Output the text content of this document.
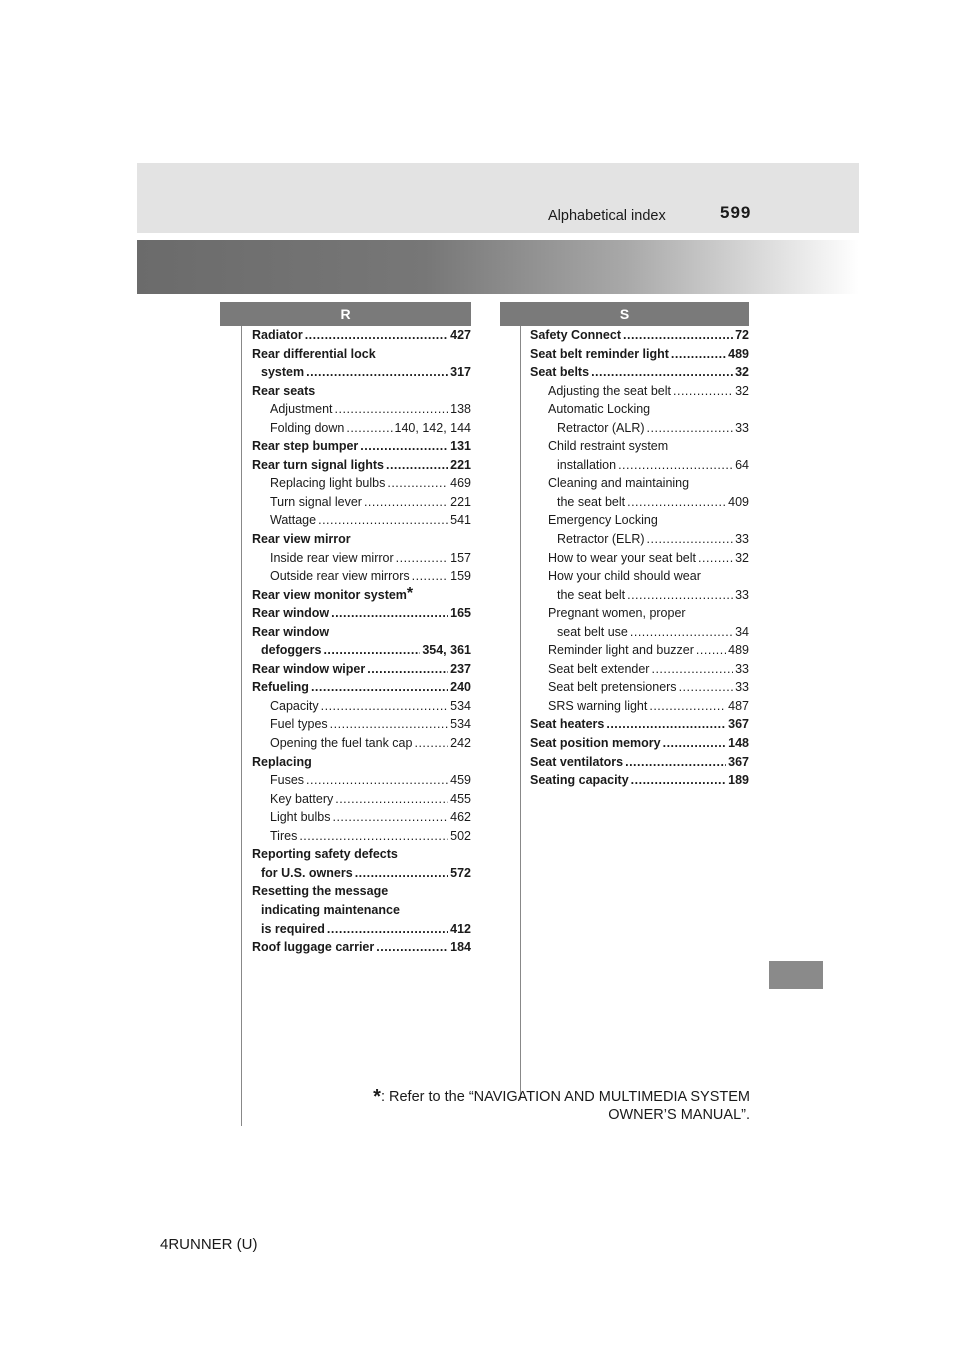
Alphabetical index	599
R	S
Radiator .....	427
Rear differential lock
system .....	317
Rear seats
Adjustment .....	138
Folding down .....	140, 142, 144
Rear step bumper .....	131
Rear turn signal lights .....	221
Replacing light bulbs .....	469
Turn signal lever .....	221
Wattage .....	541
Rear view mirror
Inside rear view mirror .....	157
Outside rear view mirrors .....	159
Rear view monitor system*
Rear window .....	165
Rear window
defoggers .....	354, 361
Rear window wiper .....	237
Refueling .....	240
Capacity .....	534
Fuel types .....	534
Opening the fuel tank cap .....	242
Replacing
Fuses .....	459
Key battery .....	455
Light bulbs .....	462
Tires .....	502
Reporting safety defects
for U.S. owners .....	572
Resetting the message
indicating maintenance
is required .....	412
Roof luggage carrier .....	184
Safety Connect .....	72
Seat belt reminder light .....	489
Seat belts .....	32
Adjusting the seat belt .....	32
Automatic Locking
Retractor (ALR) .....	33
Child restraint system
installation .....	64
Cleaning and maintaining
the seat belt .....	409
Emergency Locking
Retractor (ELR) .....	33
How to wear your seat belt .....	32
How your child should wear
the seat belt .....	33
Pregnant women, proper
seat belt use .....	34
Reminder light and buzzer .....	489
Seat belt extender .....	33
Seat belt pretensioners .....	33
SRS warning light .....	487
Seat heaters .....	367
Seat position memory .....	148
Seat ventilators .....	367
Seating capacity .....	189
*: Refer to the “NAVIGATION AND MULTIMEDIA SYSTEM
OWNER’S MANUAL”.
4RUNNER (U)
